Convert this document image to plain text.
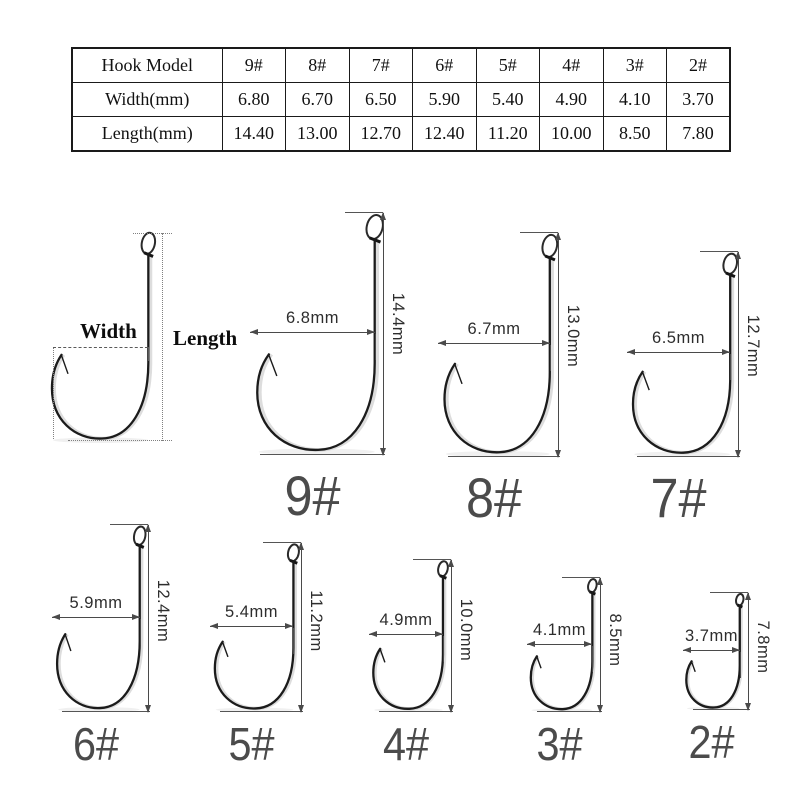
Hook Model	9#	8#	7#	6#	5#	4#	3#	2#
Width(mm)	6.80	6.70	6.50	5.90	5.40	4.90	4.10	3.70
Length(mm)	14.40	13.00	12.70	12.40	11.20	10.00	8.50	7.80
Width Length
6.8mm	14.4mm
9#
6.7mm	13.0mm
8#
6.5mm	12.7mm
7#
5.9mm	12.4mm
6#
5.4mm	11.2mm
5#
4.9mm	10.0mm
4#
4.1mm	8.5mm
3#
3.7mm 7.8mm
2#
